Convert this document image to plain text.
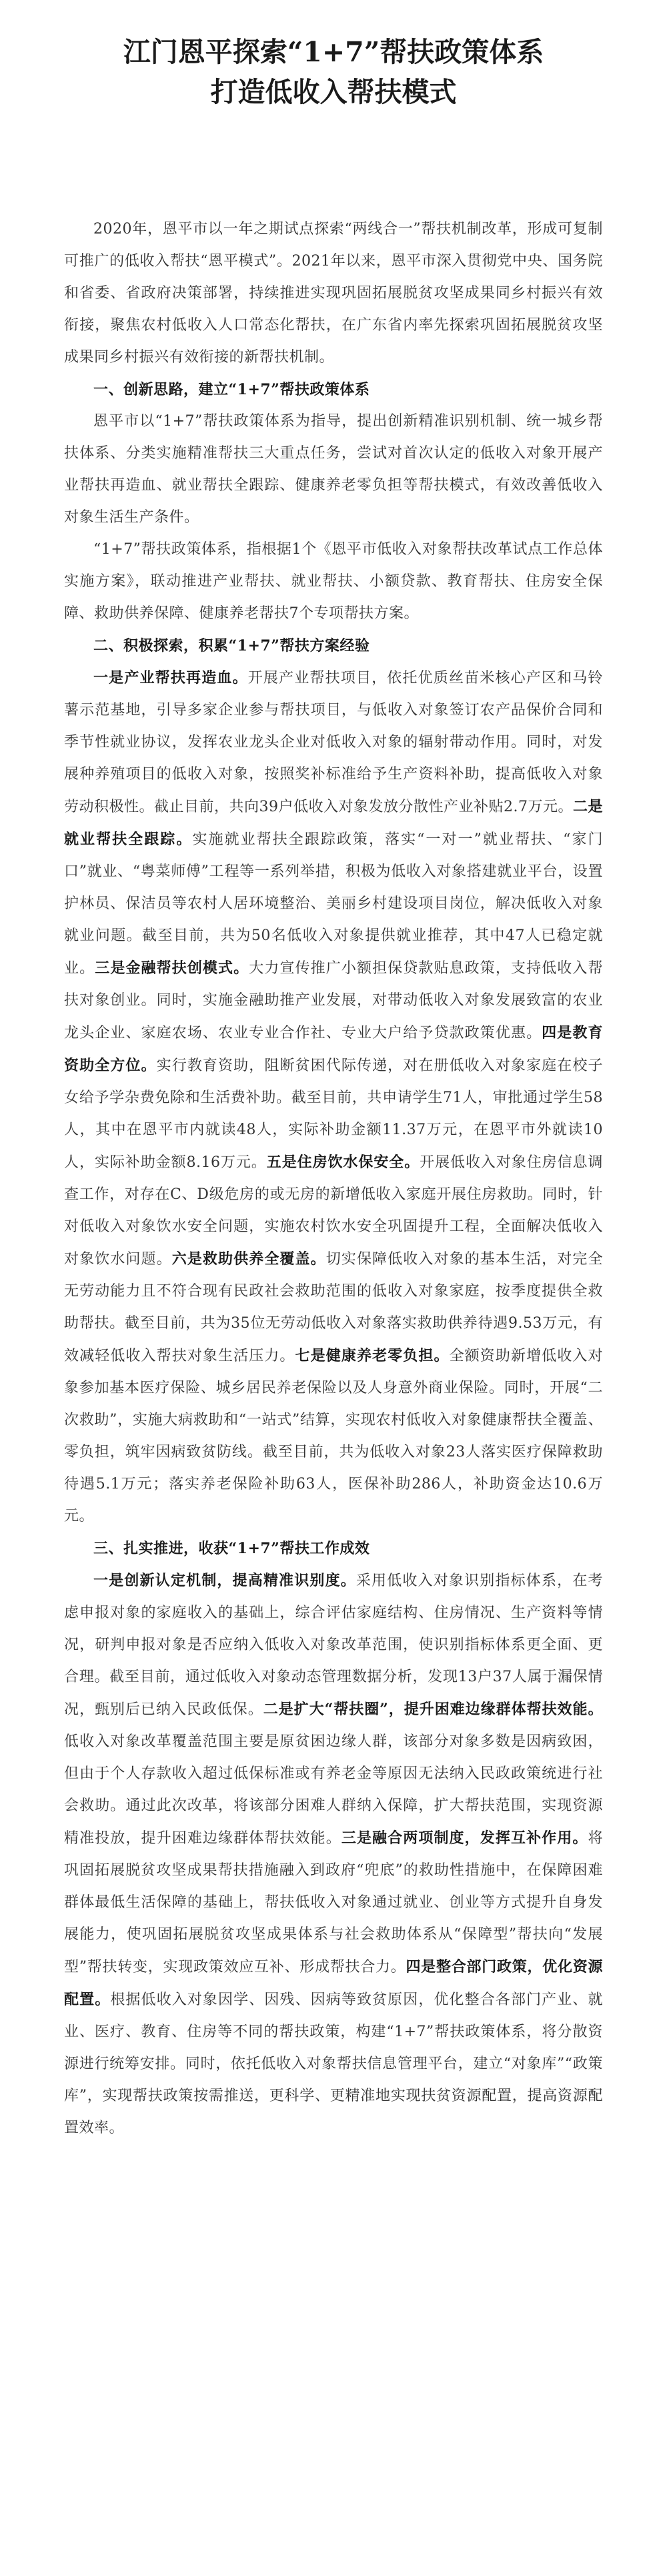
江门恩平探索“1+7”帮扶政策体系
打造低收入帮扶模式

2020年，恩平市以一年之期试点探索“两线合一”帮扶机制改革，形成可复制可推广的低收入帮扶“恩平模式”。2021年以来，恩平市深入贯彻党中央、国务院和省委、省政府决策部署，持续推进实现巩固拓展脱贫攻坚成果同乡村振兴有效衔接，聚焦农村低收入人口常态化帮扶，在广东省内率先探索巩固拓展脱贫攻坚成果同乡村振兴有效衔接的新帮扶机制。

一、创新思路，建立“1+7”帮扶政策体系

恩平市以“1+7”帮扶政策体系为指导，提出创新精准识别机制、统一城乡帮扶体系、分类实施精准帮扶三大重点任务，尝试对首次认定的低收入对象开展产业帮扶再造血、就业帮扶全跟踪、健康养老零负担等帮扶模式，有效改善低收入对象生活生产条件。

“1+7”帮扶政策体系，指根据1个《恩平市低收入对象帮扶改革试点工作总体实施方案》，联动推进产业帮扶、就业帮扶、小额贷款、教育帮扶、住房安全保障、救助供养保障、健康养老帮扶7个专项帮扶方案。

二、积极探索，积累“1+7”帮扶方案经验

一是产业帮扶再造血。开展产业帮扶项目，依托优质丝苗米核心产区和马铃薯示范基地，引导多家企业参与帮扶项目，与低收入对象签订农产品保价合同和季节性就业协议，发挥农业龙头企业对低收入对象的辐射带动作用。同时，对发展种养殖项目的低收入对象，按照奖补标准给予生产资料补助，提高低收入对象劳动积极性。截止目前，共向39户低收入对象发放分散性产业补贴2.7万元。二是就业帮扶全跟踪。实施就业帮扶全跟踪政策，落实“一对一”就业帮扶、“家门口”就业、“粤菜师傅”工程等一系列举措，积极为低收入对象搭建就业平台，设置护林员、保洁员等农村人居环境整治、美丽乡村建设项目岗位，解决低收入对象就业问题。截至目前，共为50名低收入对象提供就业推荐，其中47人已稳定就业。三是金融帮扶创模式。大力宣传推广小额担保贷款贴息政策，支持低收入帮扶对象创业。同时，实施金融助推产业发展，对带动低收入对象发展致富的农业龙头企业、家庭农场、农业专业合作社、专业大户给予贷款政策优惠。四是教育资助全方位。实行教育资助，阻断贫困代际传递，对在册低收入对象家庭在校子女给予学杂费免除和生活费补助。截至目前，共申请学生71人，审批通过学生58人，其中在恩平市内就读48人，实际补助金额11.37万元，在恩平市外就读10人，实际补助金额8.16万元。五是住房饮水保安全。开展低收入对象住房信息调查工作，对存在C、D级危房的或无房的新增低收入家庭开展住房救助。同时，针对低收入对象饮水安全问题，实施农村饮水安全巩固提升工程，全面解决低收入对象饮水问题。六是救助供养全覆盖。切实保障低收入对象的基本生活，对完全无劳动能力且不符合现有民政社会救助范围的低收入对象家庭，按季度提供全救助帮扶。截至目前，共为35位无劳动低收入对象落实救助供养待遇9.53万元，有效减轻低收入帮扶对象生活压力。七是健康养老零负担。全额资助新增低收入对象参加基本医疗保险、城乡居民养老保险以及人身意外商业保险。同时，开展“二次救助”，实施大病救助和“一站式”结算，实现农村低收入对象健康帮扶全覆盖、零负担，筑牢因病致贫防线。截至目前，共为低收入对象23人落实医疗保障救助待遇5.1万元；落实养老保险补助63人，医保补助286人，补助资金达10.6万元。

三、扎实推进，收获“1+7”帮扶工作成效

一是创新认定机制，提高精准识别度。采用低收入对象识别指标体系，在考虑申报对象的家庭收入的基础上，综合评估家庭结构、住房情况、生产资料等情况，研判申报对象是否应纳入低收入对象改革范围，使识别指标体系更全面、更合理。截至目前，通过低收入对象动态管理数据分析，发现13户37人属于漏保情况，甄别后已纳入民政低保。二是扩大“帮扶圈”，提升困难边缘群体帮扶效能。低收入对象改革覆盖范围主要是原贫困边缘人群，该部分对象多数是因病致困，但由于个人存款收入超过低保标准或有养老金等原因无法纳入民政政策统进行社会救助。通过此次改革，将该部分困难人群纳入保障，扩大帮扶范围，实现资源精准投放，提升困难边缘群体帮扶效能。三是融合两项制度，发挥互补作用。将巩固拓展脱贫攻坚成果帮扶措施融入到政府“兜底”的救助性措施中，在保障困难群体最低生活保障的基础上，帮扶低收入对象通过就业、创业等方式提升自身发展能力，使巩固拓展脱贫攻坚成果体系与社会救助体系从“保障型”帮扶向“发展型”帮扶转变，实现政策效应互补、形成帮扶合力。四是整合部门政策，优化资源配置。根据低收入对象因学、因残、因病等致贫原因，优化整合各部门产业、就业、医疗、教育、住房等不同的帮扶政策，构建“1+7”帮扶政策体系，将分散资源进行统筹安排。同时，依托低收入对象帮扶信息管理平台，建立“对象库”“政策库”，实现帮扶政策按需推送，更科学、更精准地实现扶贫资源配置，提高资源配置效率。
